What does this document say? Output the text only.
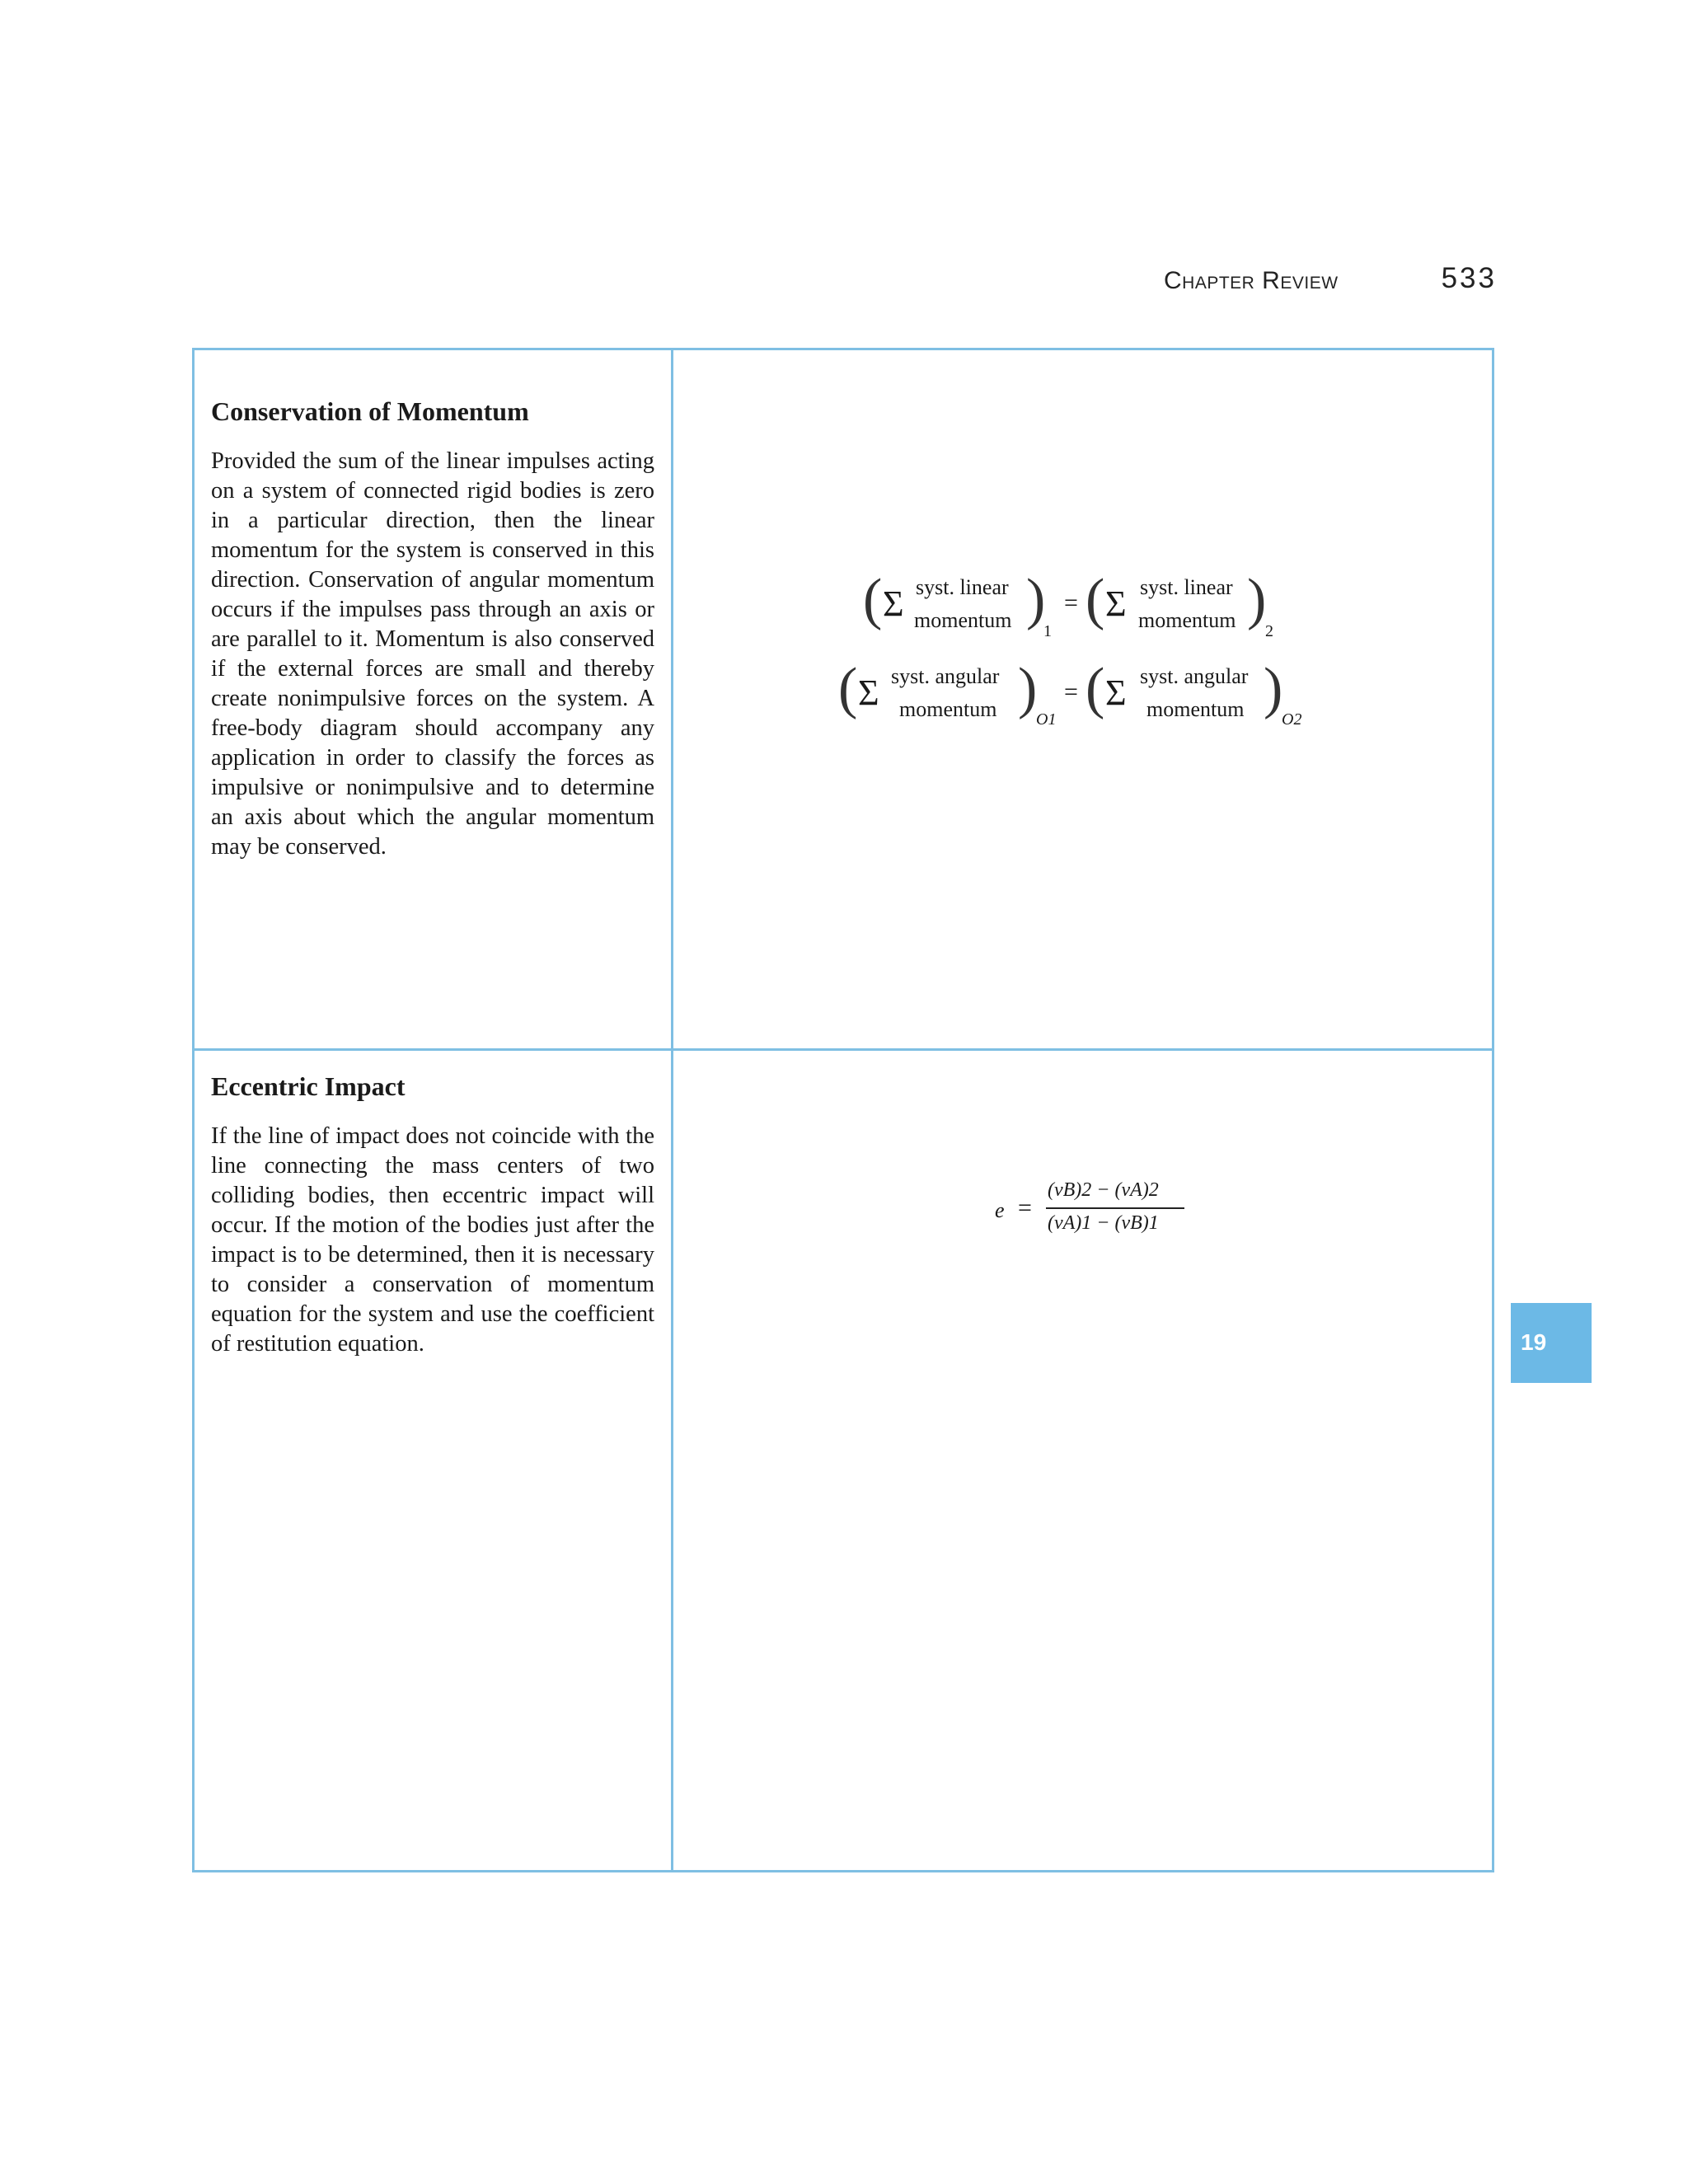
Chapter Review	533
Conservation of Momentum

Provided the sum of the linear impulses acting on a system of connected rigid bodies is zero in a particular direction, then the linear momentum for the system is conserved in this direction. Conservation of angular momentum occurs if the impulses pass through an axis or are parallel to it. Momentum is also conserved if the external forces are small and thereby create nonimpulsive forces on the system. A free-body diagram should accompany any application in order to classify the forces as impulsive or nonimpulsive and to determine an axis about which the angular momentum may be conserved.

( Σ syst. linear
momentum )
1
= ( Σ syst. linear
momentum )
2
( Σ syst. angular
momentum )
O1
= ( Σ syst. angular
momentum )
O2
Eccentric Impact

If the line of impact does not coincide with the line connecting the mass centers of two colliding bodies, then eccentric impact will occur. If the motion of the bodies just after the impact is to be determined, then it is necessary to consider a conservation of momentum equation for the system and use the coefficient of restitution equation.

e =
(vB)2 − (vA)2
(vA)1 − (vB)1
19
